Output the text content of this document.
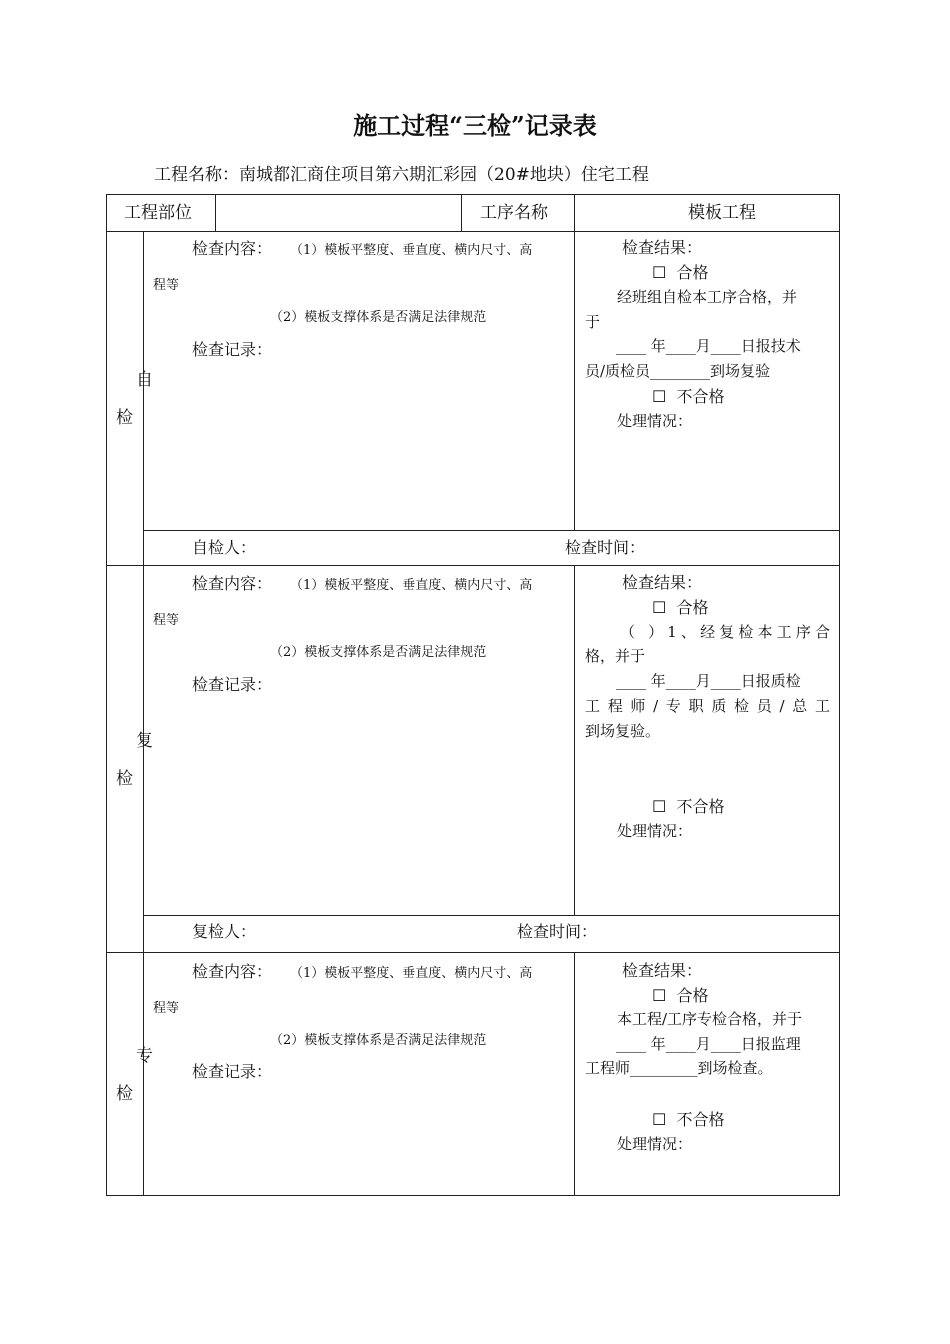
施工过程“三检”记录表
工程名称：南城都汇商住项目第六期汇彩园（20#地块）住宅工程
工程部位	工序名称	模板工程
自
检
检查内容： （1）模板平整度、垂直度、横内尺寸、高
程等
（2）模板支撑体系是否满足法律规范
检查记录：
检查结果：
☐ 合格
经班组自检本工序合格，并
于
____ 年____月____日报技术
员/质检员________到场复验
☐ 不合格
处理情况：
自检人：	检查时间：
复
检
检查内容： （1）模板平整度、垂直度、横内尺寸、高
程等
（2）模板支撑体系是否满足法律规范
检查记录：
检查结果：
☐ 合格
（ ）1、经复检本工序合
格，并于
____ 年____月____日报质检
工程师/专职质检员/总工
到场复验。
☐ 不合格
处理情况：
复检人：	检查时间：
专
检
检查内容： （1）模板平整度、垂直度、横内尺寸、高
程等
（2）模板支撑体系是否满足法律规范
检查记录：
检查结果：
☐ 合格
本工程/工序专检合格，并于
____ 年____月____日报监理
工程师_________到场检查。
☐ 不合格
处理情况：
